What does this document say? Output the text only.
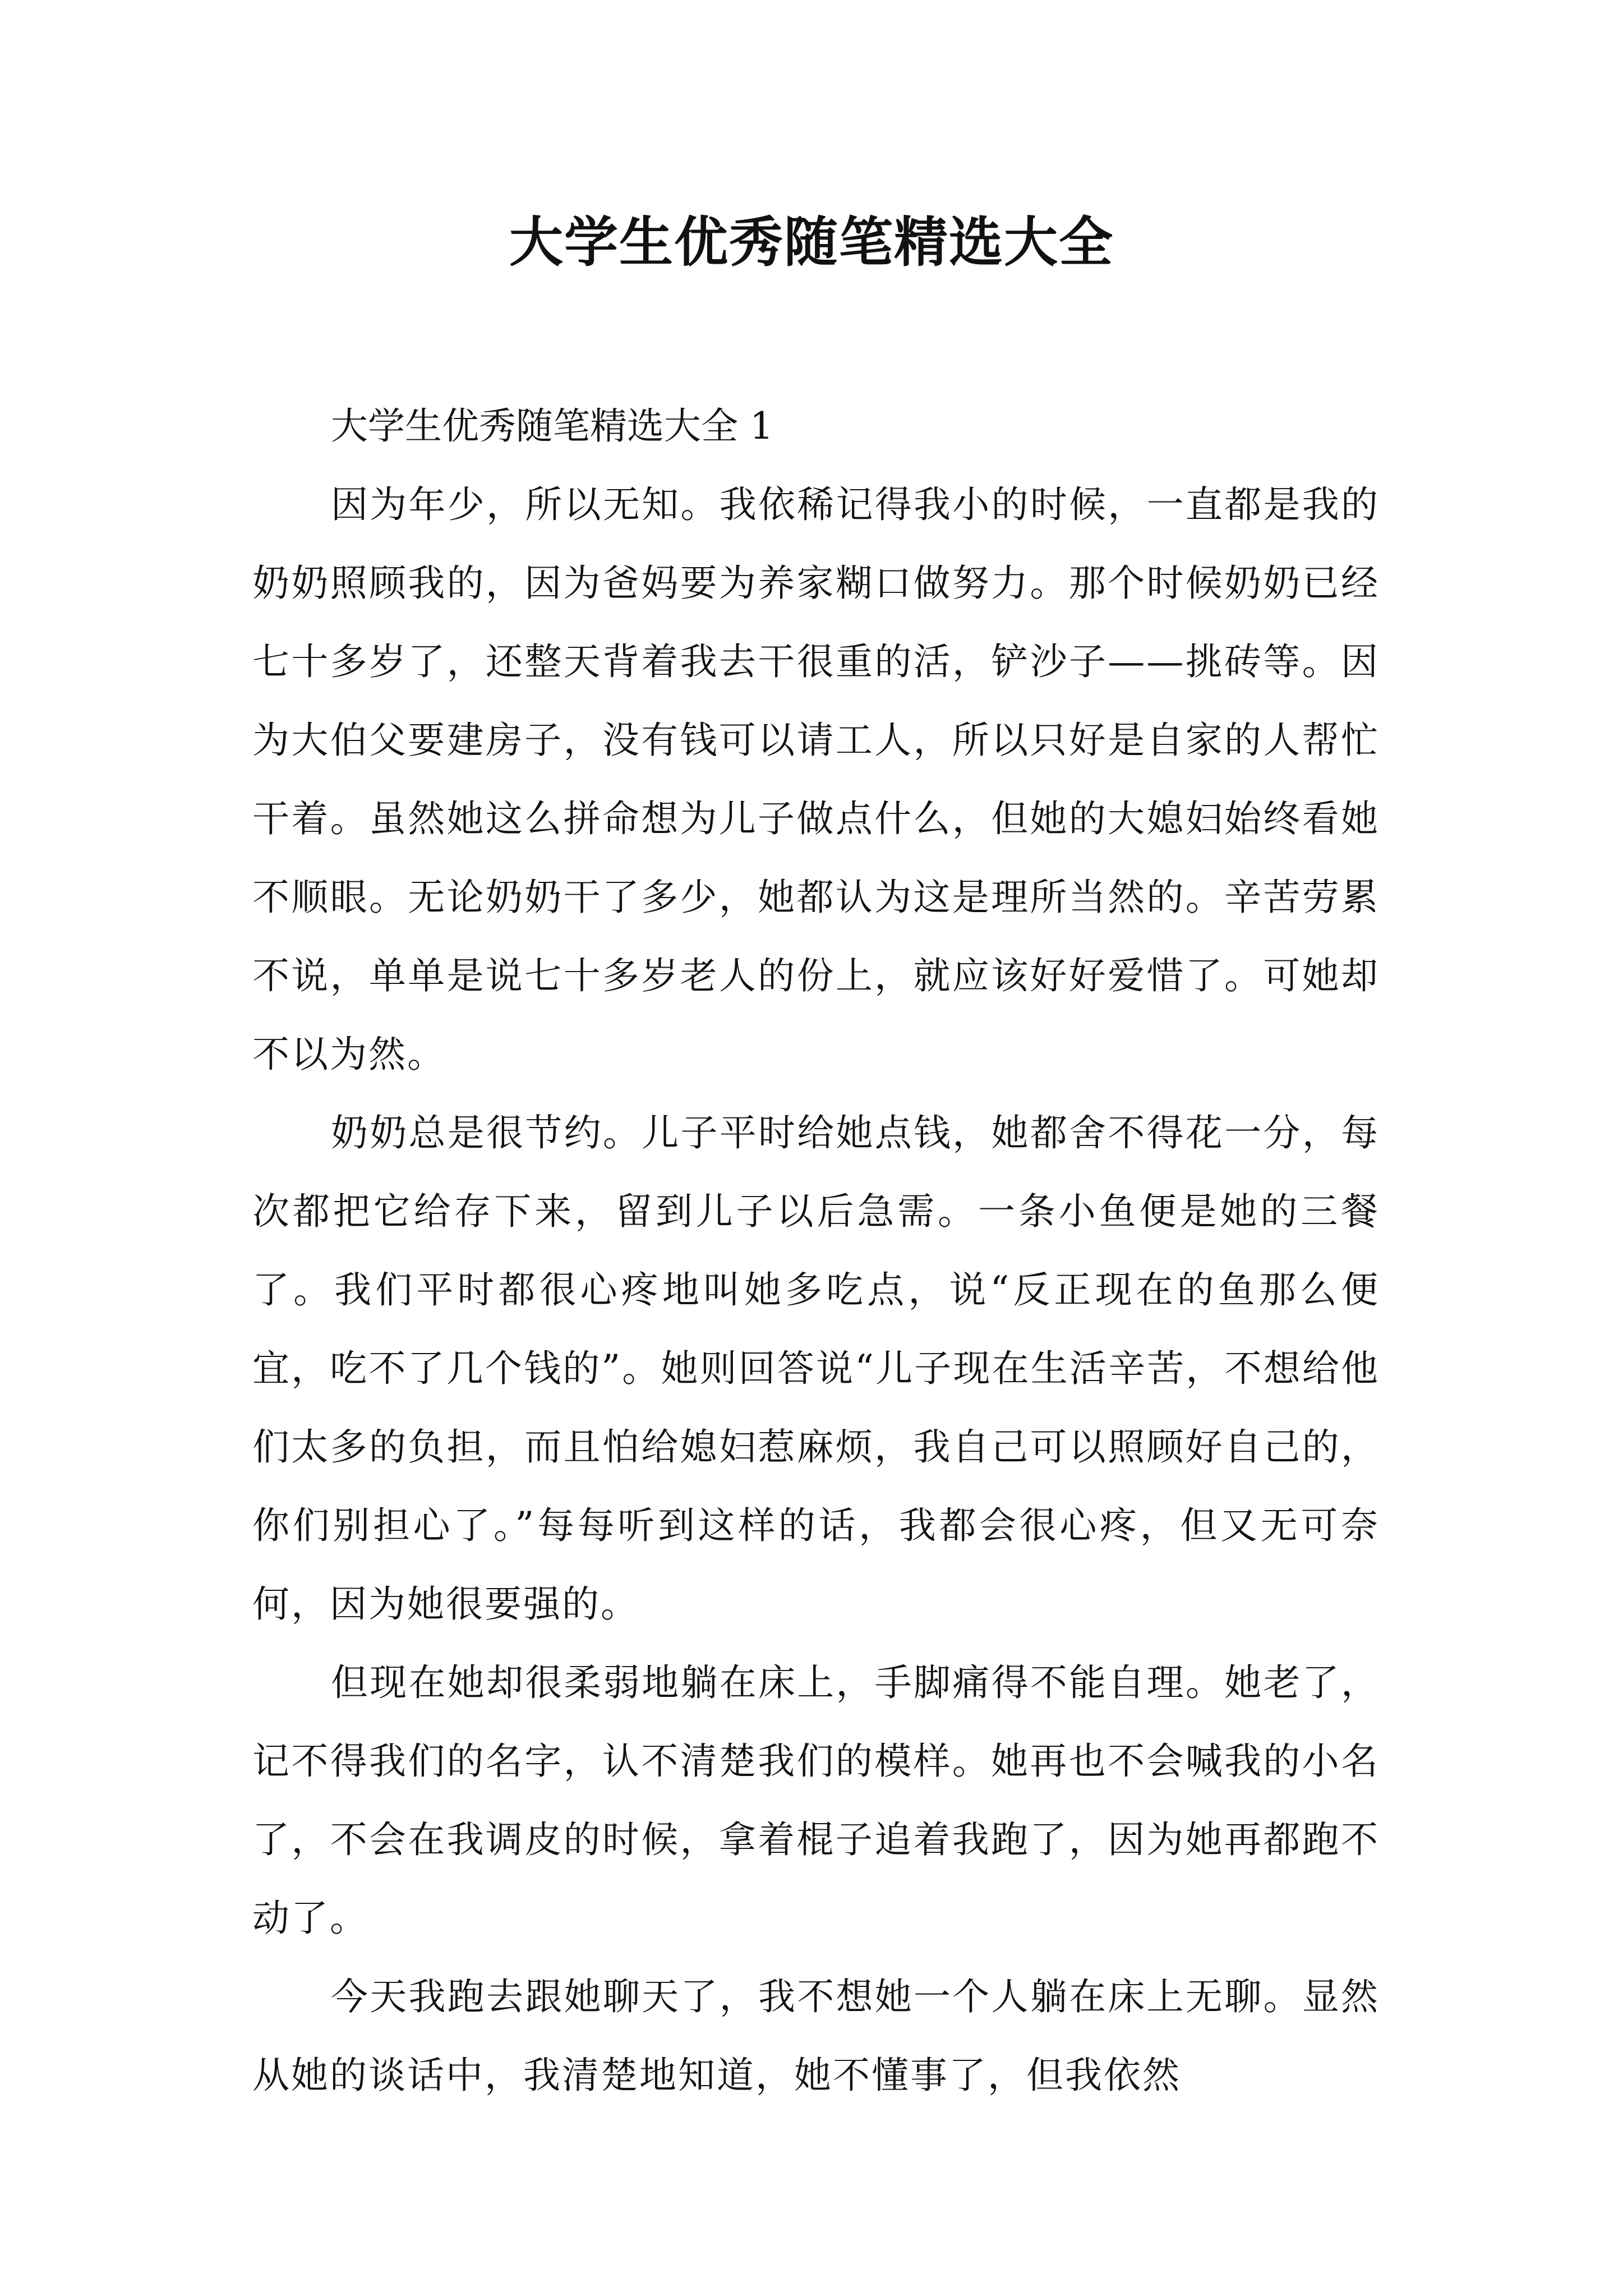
大学生优秀随笔精选大全
大学生优秀随笔精选大全 1

因为年少，所以无知。我依稀记得我小的时候，一直都是我的奶奶照顾我的，因为爸妈要为养家糊口做努力。那个时候奶奶已经七十多岁了，还整天背着我去干很重的活，铲沙子——挑砖等。因为大伯父要建房子，没有钱可以请工人，所以只好是自家的人帮忙干着。虽然她这么拼命想为儿子做点什么，但她的大媳妇始终看她不顺眼。无论奶奶干了多少，她都认为这是理所当然的。辛苦劳累不说，单单是说七十多岁老人的份上，就应该好好爱惜了。可她却不以为然。

奶奶总是很节约。儿子平时给她点钱，她都舍不得花一分，每次都把它给存下来，留到儿子以后急需。一条小鱼便是她的三餐了。我们平时都很心疼地叫她多吃点，说“反正现在的鱼那么便宜，吃不了几个钱的”。她则回答说“儿子现在生活辛苦，不想给他们太多的负担，而且怕给媳妇惹麻烦，我自己可以照顾好自己的，你们别担心了。”每每听到这样的话，我都会很心疼，但又无可奈何，因为她很要强的。

但现在她却很柔弱地躺在床上，手脚痛得不能自理。她老了，记不得我们的名字，认不清楚我们的模样。她再也不会喊我的小名了，不会在我调皮的时候，拿着棍子追着我跑了，因为她再都跑不动了。

今天我跑去跟她聊天了，我不想她一个人躺在床上无聊。显然从她的谈话中，我清楚地知道，她不懂事了，但我依然
